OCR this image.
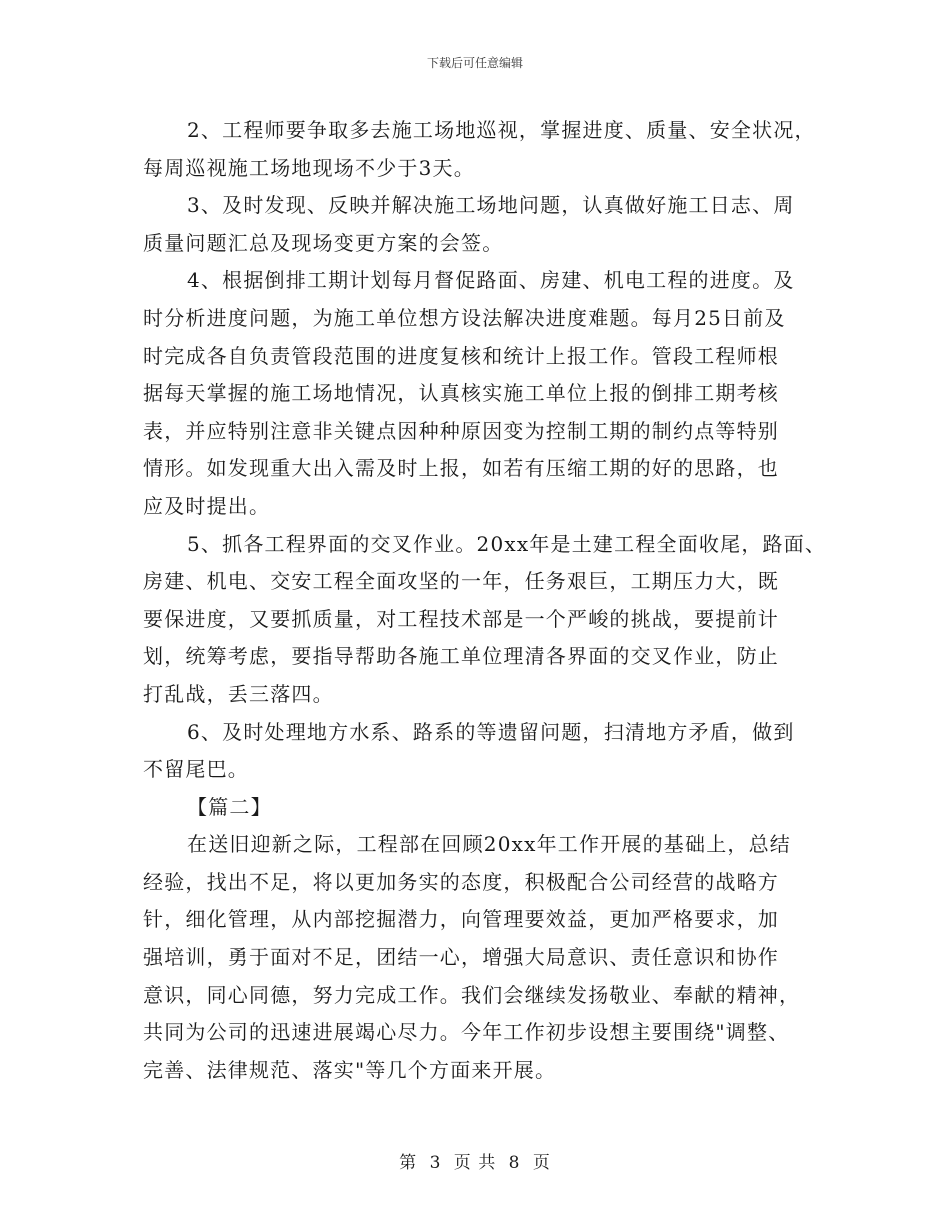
下载后可任意编辑

2、工程师要争取多去施工场地巡视，掌握进度、质量、安全状况，

每周巡视施工场地现场不少于3天。

3、及时发现、反映并解决施工场地问题，认真做好施工日志、周

质量问题汇总及现场变更方案的会签。

4、根据倒排工期计划每月督促路面、房建、机电工程的进度。及

时分析进度问题，为施工单位想方设法解决进度难题。每月25日前及

时完成各自负责管段范围的进度复核和统计上报工作。管段工程师根

据每天掌握的施工场地情况，认真核实施工单位上报的倒排工期考核

表，并应特别注意非关键点因种种原因变为控制工期的制约点等特别

情形。如发现重大出入需及时上报，如若有压缩工期的好的思路，也

应及时提出。

5、抓各工程界面的交叉作业。20xx年是土建工程全面收尾，路面、

房建、机电、交安工程全面攻坚的一年，任务艰巨，工期压力大，既

要保进度，又要抓质量，对工程技术部是一个严峻的挑战，要提前计

划，统筹考虑，要指导帮助各施工单位理清各界面的交叉作业，防止

打乱战，丢三落四。

6、及时处理地方水系、路系的等遗留问题，扫清地方矛盾，做到

不留尾巴。

【篇二】

在送旧迎新之际，工程部在回顾20xx年工作开展的基础上，总结

经验，找出不足，将以更加务实的态度，积极配合公司经营的战略方

针，细化管理，从内部挖掘潜力，向管理要效益，更加严格要求，加

强培训，勇于面对不足，团结一心，增强大局意识、责任意识和协作

意识，同心同德，努力完成工作。我们会继续发扬敬业、奉献的精神，

共同为公司的迅速进展竭心尽力。今年工作初步设想主要围绕"调整、

完善、法律规范、落实"等几个方面来开展。

第 3 页 共 8 页
